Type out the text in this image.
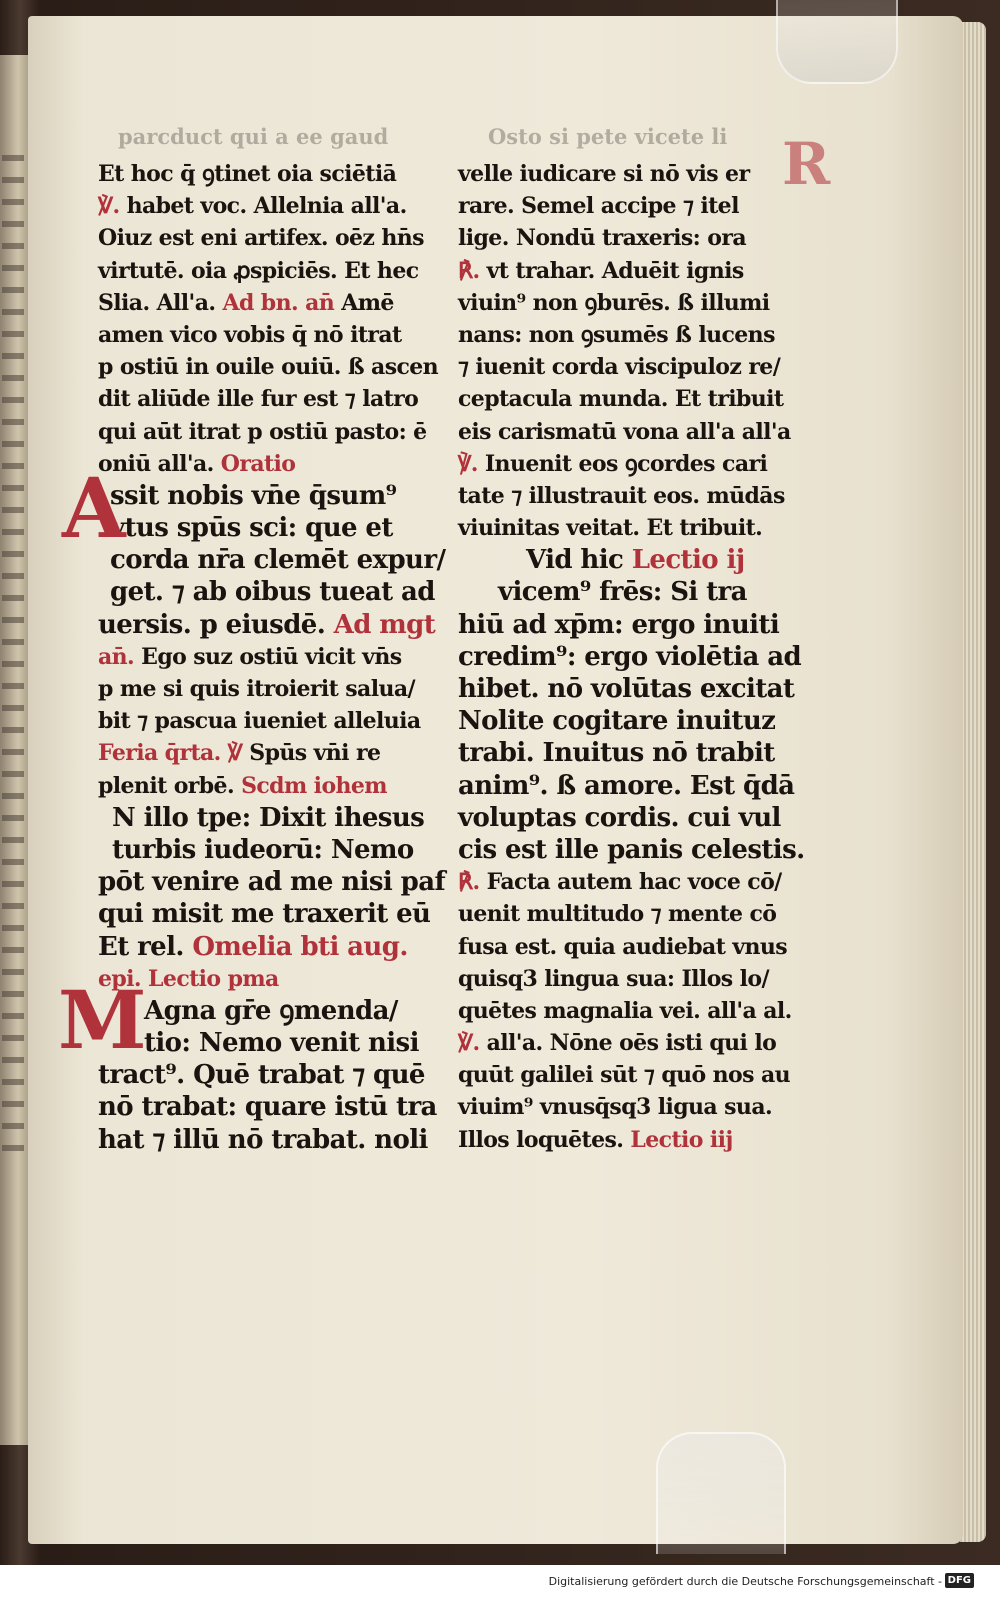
parcduct qui a ee gaud	Osto si pete vicete li R
A
M
Et hoc q̄ ꝯtinet oia sciētiā
℣. habet voc. Allelnia all'a.
Oiuz est eni artifex. oēz hn̄s
virtutē. oia ꝓspiciēs. Et hec
Slia. All'a. Ad bn. an̄ Amē
amen vico vobis q̄ nō itrat
p ostiū in ouile ouiū. ß ascen
dit aliūde ille fur est ⁊ latro
qui aūt itrat p ostiū pasto: ē
oniū all'a. Oratio
ssit nobis vn̄e q̄sum⁹
vtus spūs sci: que et
corda nr̄a clemēt expur/
get. ⁊ ab oibus tueat ad
uersis. p eiusdē. Ad mgt
an̄. Ego suz ostiū vicit vn̄s
p me si quis itroierit salua/
bit ⁊ pascua iueniet alleluia
Feria q̄rta. ℣ Spūs vn̄i re
plenit orbē. Scdm iohem
N illo tpe: Dixit ihesus
turbis iudeorū: Nemo
pōt venire ad me nisi paf
qui misit me traxerit eū
Et rel. Omelia bti aug.
epi. Lectio pma
Agna gr̄e ꝯmenda/
tio: Nemo venit nisi
tract⁹. Quē trabat ⁊ quē
nō trabat: quare istū tra
hat ⁊ illū nō trabat. noli
velle iudicare si nō vis er
rare. Semel accipe ⁊ itel
lige. Nondū traxeris: ora
℟. vt trahar. Aduēit ignis
viuin⁹ non ꝯburēs. ß illumi
nans: non ꝯsumēs ß lucens
⁊ iuenit corda viscipuloz re/
ceptacula munda. Et tribuit
eis carismatū vona all'a all'a
℣. Inuenit eos ꝯcordes cari
tate ⁊ illustrauit eos. mūdās
viuinitas veitat. Et tribuit.
Vid hic Lectio ij
vicem⁹ frēs: Si tra
hiū ad xp̄m: ergo inuiti
credim⁹: ergo violētia ad
hibet. nō volūtas excitat
Nolite cogitare inuituz
trabi. Inuitus nō trabit
anim⁹. ß amore. Est q̄dā
voluptas cordis. cui vul
cis est ille panis celestis.
℟. Facta autem hac voce cō/
uenit multitudo ⁊ mente cō
fusa est. quia audiebat vnus
quisq3 lingua sua: Illos lo/
quētes magnalia vei. all'a al.
℣. all'a. Nōne oēs isti qui lo
quūt galilei sūt ⁊ quō nos au
viuim⁹ vnusq̄sq3 ligua sua.
Illos loquētes. Lectio iij
Digitalisierung gefördert durch die Deutsche Forschungsgemeinschaft - DFG
